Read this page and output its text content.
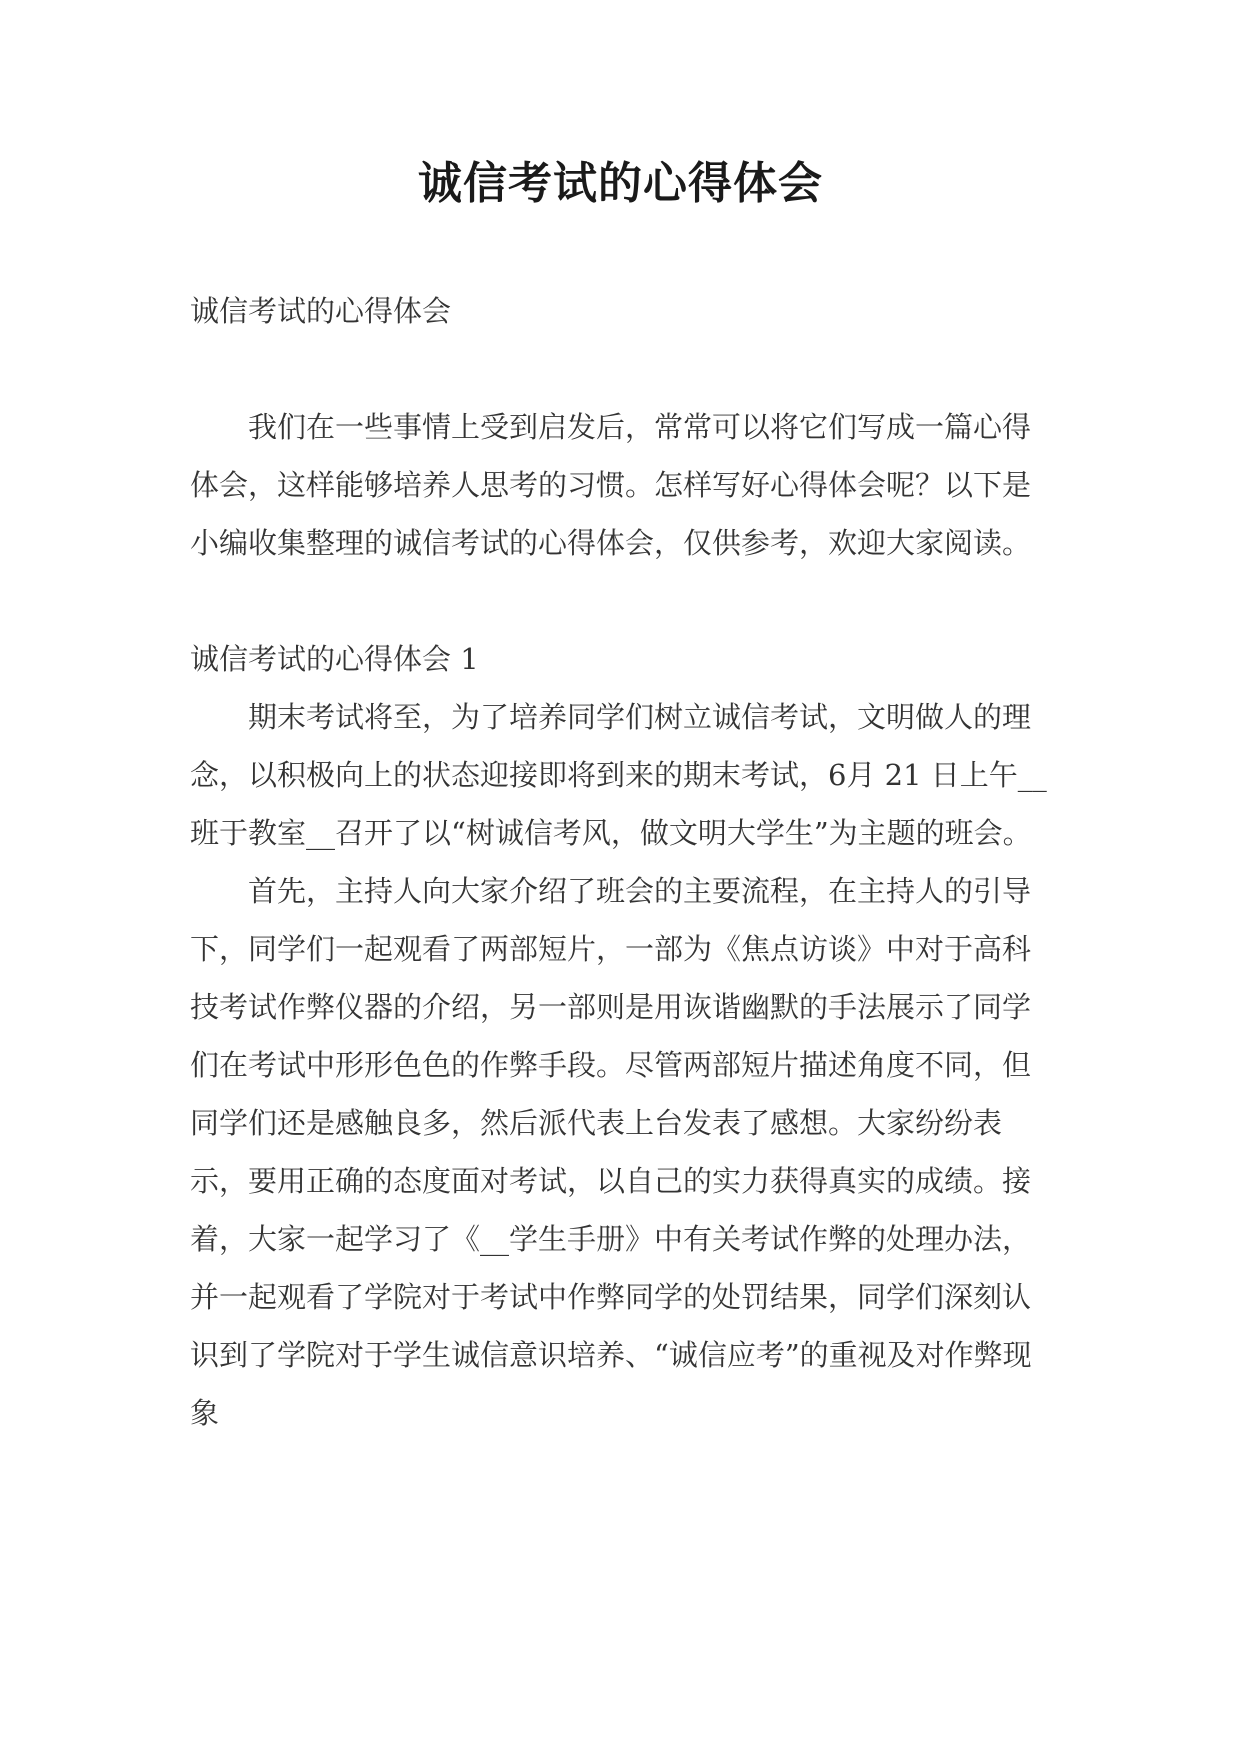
诚信考试的心得体会

诚信考试的心得体会

我们在一些事情上受到启发后，常常可以将它们写成一篇心得体会，这样能够培养人思考的习惯。怎样写好心得体会呢？以下是小编收集整理的诚信考试的心得体会，仅供参考，欢迎大家阅读。

诚信考试的心得体会 1

期末考试将至，为了培养同学们树立诚信考试，文明做人的理念，以积极向上的状态迎接即将到来的期末考试，6月 21 日上午__班于教室__召开了以“树诚信考风，做文明大学生”为主题的班会。

首先，主持人向大家介绍了班会的主要流程，在主持人的引导下，同学们一起观看了两部短片，一部为《焦点访谈》中对于高科技考试作弊仪器的介绍，另一部则是用诙谐幽默的手法展示了同学们在考试中形形色色的作弊手段。尽管两部短片描述角度不同，但同学们还是感触良多，然后派代表上台发表了感想。大家纷纷表示，要用正确的态度面对考试，以自己的实力获得真实的成绩。接着，大家一起学习了《__学生手册》中有关考试作弊的处理办法，并一起观看了学院对于考试中作弊同学的处罚结果，同学们深刻认识到了学院对于学生诚信意识培养、“诚信应考”的重视及对作弊现象
